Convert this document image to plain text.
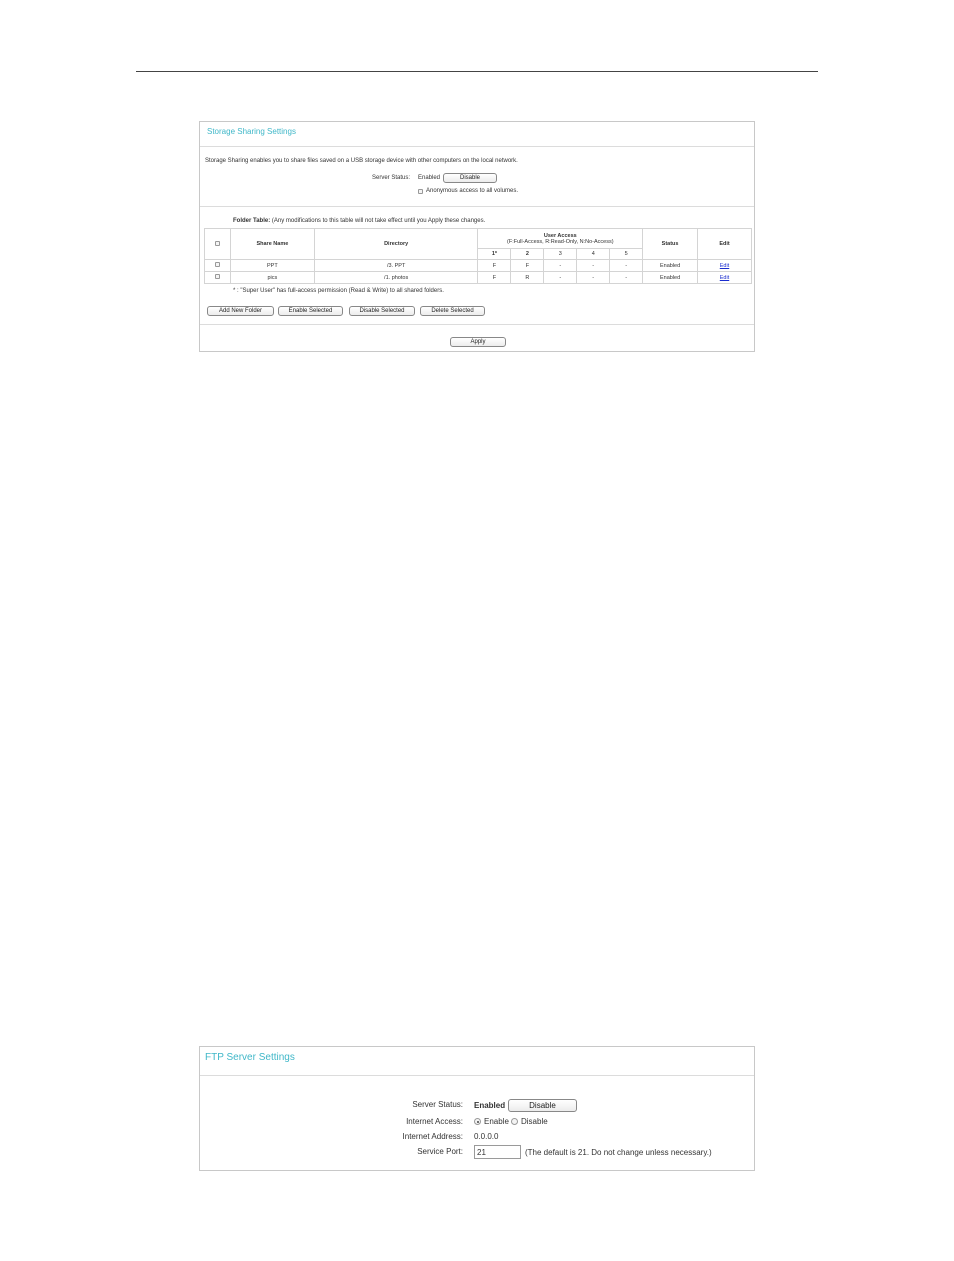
Storage Sharing Settings
Storage Sharing enables you to share files saved on a USB storage device with other computers on the local network.
Server Status: Enabled	Disable
Anonymous access to all volumes.
Folder Table: (Any modifications to this table will not take effect until you Apply these changes.
	Share Name	Directory	User Access
(F:Full-Access, R:Read-Only, N:No-Access)					Status	Edit
			1*	2	3	4	5		
	PPT	/3. PPT	F	F	-	-	-	Enabled	Edit
	pics	/1. photos	F	R	-	-	-	Enabled	Edit
* : "Super User" has full-access permission (Read & Write) to all shared folders.
Add New Folder	Enable Selected	Disable Selected	Delete Selected
Apply
FTP Server Settings
Server Status: Enabled	Disable
Internet Access:	Enable Disable
Internet Address: 0.0.0.0
Service Port:
21	(The default is 21. Do not change unless necessary.)
